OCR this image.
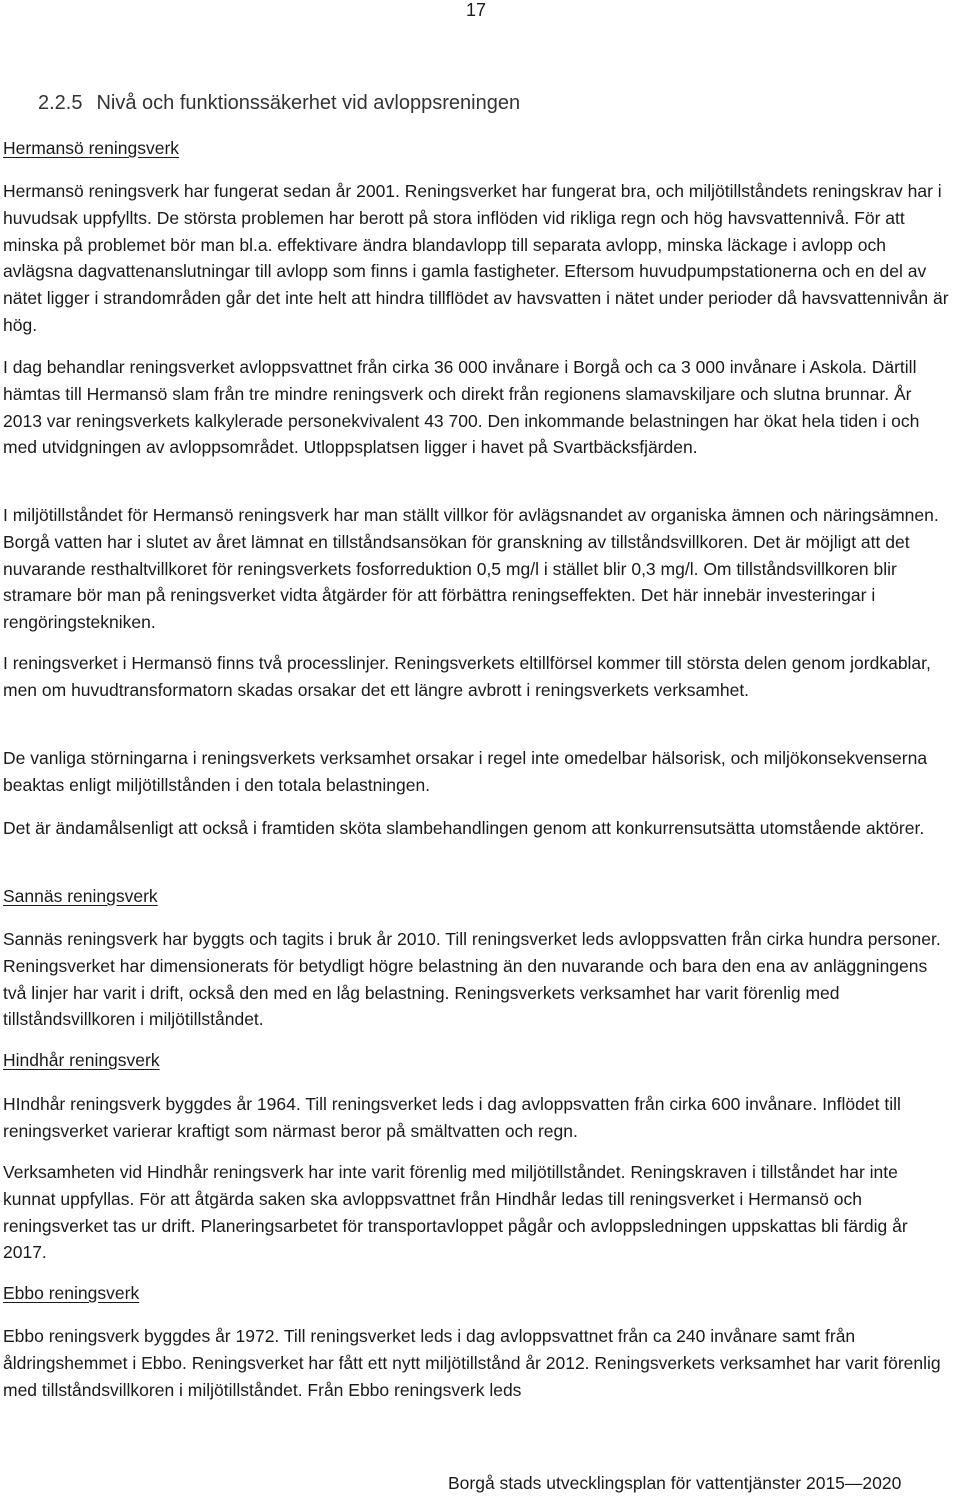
17
2.2.5 Nivå och funktionssäkerhet vid avloppsreningen
Hermansö reningsverk

Hermansö reningsverk har fungerat sedan år 2001. Reningsverket har fungerat bra, och miljötillståndets reningskrav har i huvudsak uppfyllts. De största problemen har berott på stora inflöden vid rikliga regn och hög havsvattennivå. För att minska på problemet bör man bl.a. effektivare ändra blandavlopp till separata avlopp, minska läckage i avlopp och avlägsna dagvattenanslutningar till avlopp som finns i gamla fastigheter. Eftersom huvudpumpstationerna och en del av nätet ligger i strandområden går det inte helt att hindra tillflödet av havsvatten i nätet under perioder då havsvattennivån är hög.

I dag behandlar reningsverket avloppsvattnet från cirka 36 000 invånare i Borgå och ca 3 000 invånare i Askola. Därtill hämtas till Hermansö slam från tre mindre reningsverk och direkt från regionens slamavskiljare och slutna brunnar. År 2013 var reningsverkets kalkylerade personekvivalent 43 700. Den inkommande belastningen har ökat hela tiden i och med utvidgningen av avloppsområdet. Utloppsplatsen ligger i havet på Svartbäcksfjärden.

I miljötillståndet för Hermansö reningsverk har man ställt villkor för avlägsnandet av organiska ämnen och näringsämnen. Borgå vatten har i slutet av året lämnat en tillståndsansökan för granskning av tillståndsvillkoren. Det är möjligt att det nuvarande resthaltvillkoret för reningsverkets fosforreduktion 0,5 mg/l i stället blir 0,3 mg/l. Om tillståndsvillkoren blir stramare bör man på reningsverket vidta åtgärder för att förbättra reningseffekten. Det här innebär investeringar i rengöringstekniken.

I reningsverket i Hermansö finns två processlinjer. Reningsverkets eltillförsel kommer till största delen genom jordkablar, men om huvudtransformatorn skadas orsakar det ett längre avbrott i reningsverkets verksamhet.

De vanliga störningarna i reningsverkets verksamhet orsakar i regel inte omedelbar hälsorisk, och miljökonsekvenserna beaktas enligt miljötillstånden i den totala belastningen.

Det är ändamålsenligt att också i framtiden sköta slambehandlingen genom att konkurrensutsätta utomstående aktörer.

Sannäs reningsverk

Sannäs reningsverk har byggts och tagits i bruk år 2010. Till reningsverket leds avloppsvatten från cirka hundra personer. Reningsverket har dimensionerats för betydligt högre belastning än den nuvarande och bara den ena av anläggningens två linjer har varit i drift, också den med en låg belastning. Reningsverkets verksamhet har varit förenlig med tillståndsvillkoren i miljötillståndet.

Hindhår reningsverk

HIndhår reningsverk byggdes år 1964. Till reningsverket leds i dag avloppsvatten från cirka 600 invånare. Inflödet till reningsverket varierar kraftigt som närmast beror på smältvatten och regn.

Verksamheten vid Hindhår reningsverk har inte varit förenlig med miljötillståndet. Reningskraven i tillståndet har inte kunnat uppfyllas. För att åtgärda saken ska avloppsvattnet från Hindhår ledas till reningsverket i Hermansö och reningsverket tas ur drift. Planeringsarbetet för transportavloppet pågår och avloppsledningen uppskattas bli färdig år 2017.

Ebbo reningsverk

Ebbo reningsverk byggdes år 1972. Till reningsverket leds i dag avloppsvattnet från ca 240 invånare samt från åldringshemmet i Ebbo. Reningsverket har fått ett nytt miljötillstånd år 2012. Reningsverkets verksamhet har varit förenlig med tillståndsvillkoren i miljötillståndet. Från Ebbo reningsverk leds

Borgå stads utvecklingsplan för vattentjänster 2015—2020
